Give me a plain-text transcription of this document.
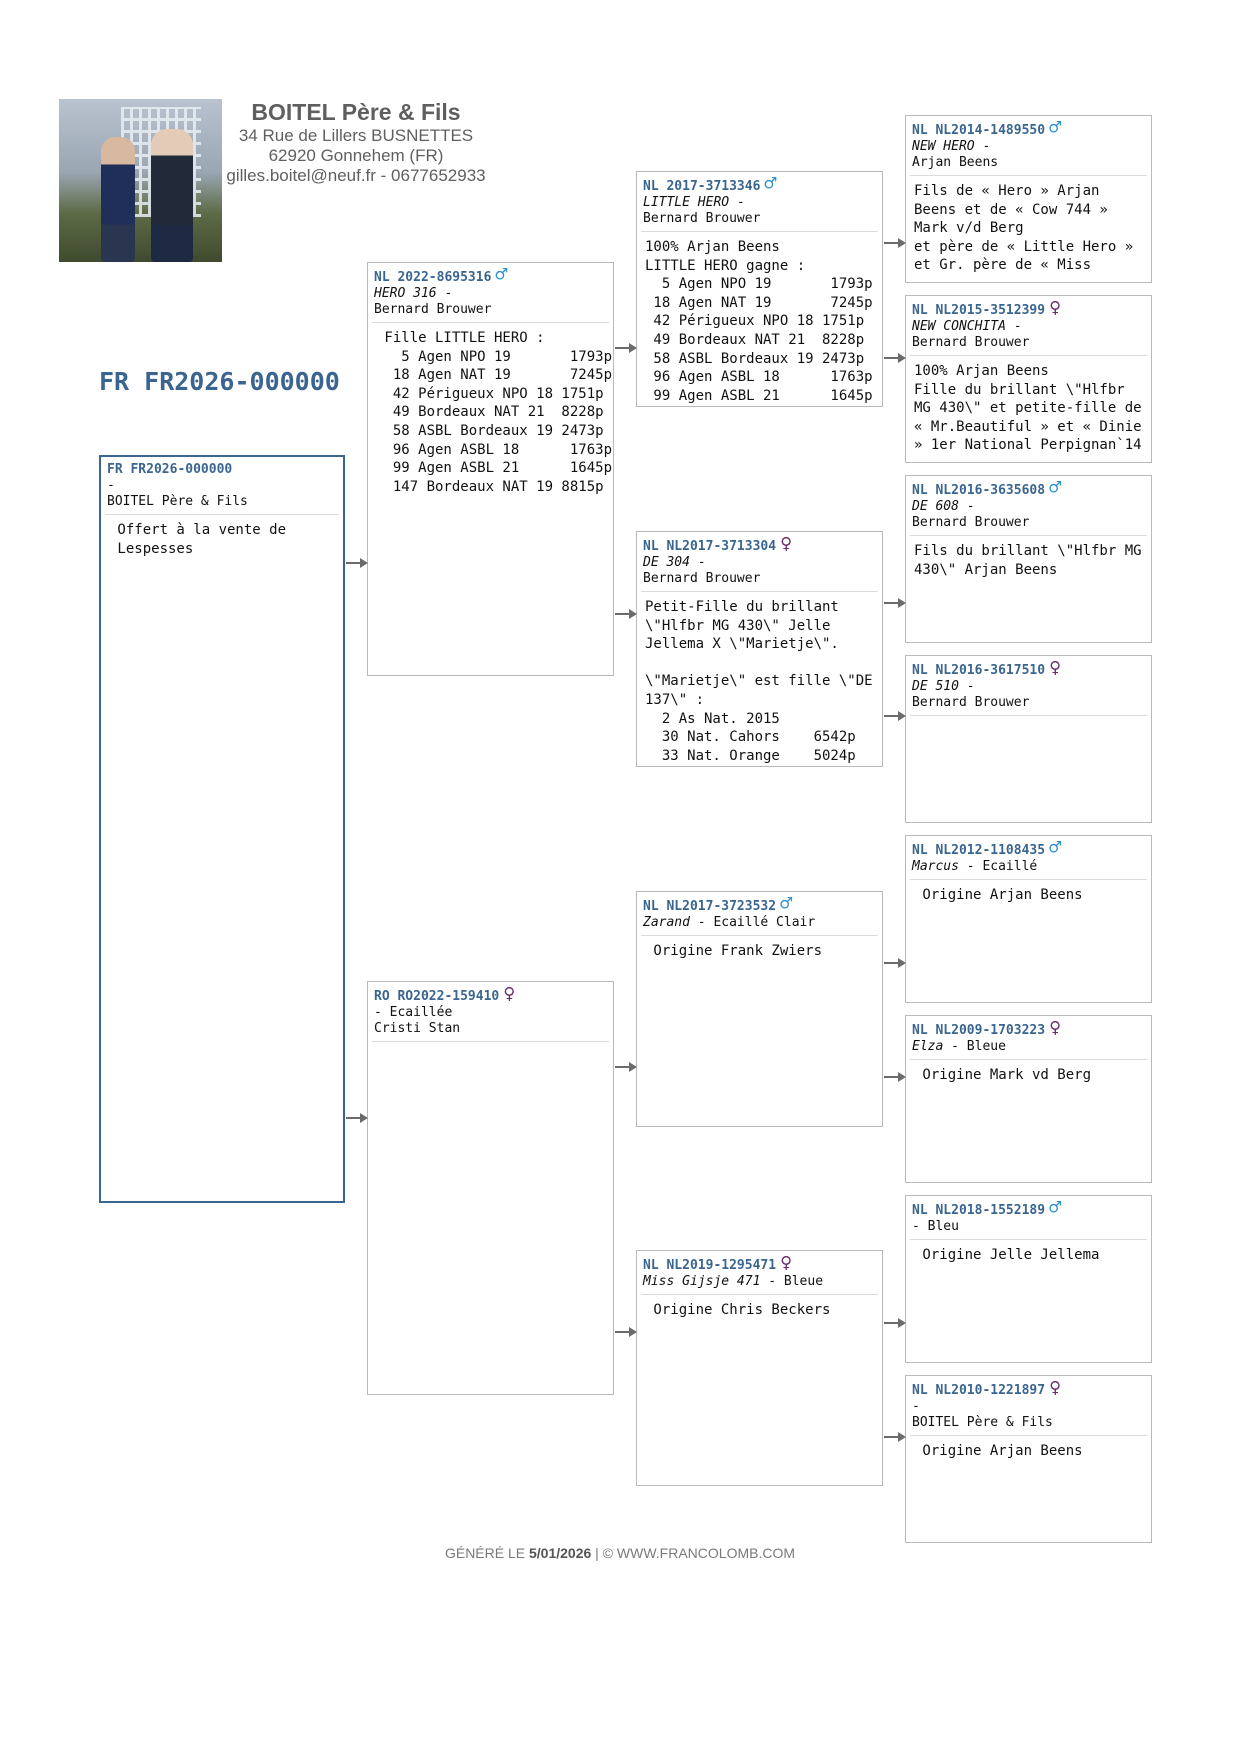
BOITEL Père & Fils
34 Rue de Lillers BUSNETTES
62920 Gonnehem (FR)
gilles.boitel@neuf.fr - 0677652933
FR FR2026-000000
FR FR2026-000000
-
BOITEL Père & Fils
Offert à la vente de
Lespesses
NL 2022-8695316 ♂
HERO 316 -
Bernard Brouwer
Fille LITTLE HERO :
5 Agen NPO 19       1793p
18 Agen NAT 19       7245p
42 Périgueux NPO 18 1751p
49 Bordeaux NAT 21  8228p
58 ASBL Bordeaux 19 2473p
96 Agen ASBL 18      1763p
99 Agen ASBL 21      1645p
147 Bordeaux NAT 19 8815p
RO RO2022-159410 ♀
- Ecaillée
Cristi Stan
NL 2017-3713346 ♂
LITTLE HERO -
Bernard Brouwer
100% Arjan Beens
LITTLE HERO gagne :
5 Agen NPO 19       1793p
18 Agen NAT 19       7245p
42 Périgueux NPO 18 1751p
49 Bordeaux NAT 21  8228p
58 ASBL Bordeaux 19 2473p
96 Agen ASBL 18      1763p
99 Agen ASBL 21      1645p
NL NL2017-3713304 ♀
DE 304 -
Bernard Brouwer
Petit-Fille du brillant
\"Hlfbr MG 430\" Jelle
Jellema X \"Marietje\".

\"Marietje\" est fille \"DE
137\" :
2 As Nat. 2015
30 Nat. Cahors    6542p
33 Nat. Orange    5024p
NL NL2017-3723532 ♂
Zarand - Ecaillé Clair
Origine Frank Zwiers
NL NL2019-1295471 ♀
Miss Gijsje 471 - Bleue
Origine Chris Beckers
NL NL2014-1489550 ♂
NEW HERO -
Arjan Beens
Fils de « Hero » Arjan
Beens et de « Cow 744 »
Mark v/d Berg
et père de « Little Hero »
et Gr. père de « Miss
NL NL2015-3512399 ♀
NEW CONCHITA -
Bernard Brouwer
100% Arjan Beens
Fille du brillant \"Hlfbr
MG 430\" et petite-fille de
« Mr.Beautiful » et « Dinie
» 1er National Perpignan`14
NL NL2016-3635608 ♂
DE 608 -
Bernard Brouwer
Fils du brillant \"Hlfbr MG
430\" Arjan Beens
NL NL2016-3617510 ♀
DE 510 -
Bernard Brouwer
NL NL2012-1108435 ♂
Marcus - Ecaillé
Origine Arjan Beens
NL NL2009-1703223 ♀
Elza - Bleue
Origine Mark vd Berg
NL NL2018-1552189 ♂
- Bleu
Origine Jelle Jellema
NL NL2010-1221897 ♀
-
BOITEL Père & Fils
Origine Arjan Beens
GÉNÉRÉ LE 5/01/2026 | © WWW.FRANCOLOMB.COM
